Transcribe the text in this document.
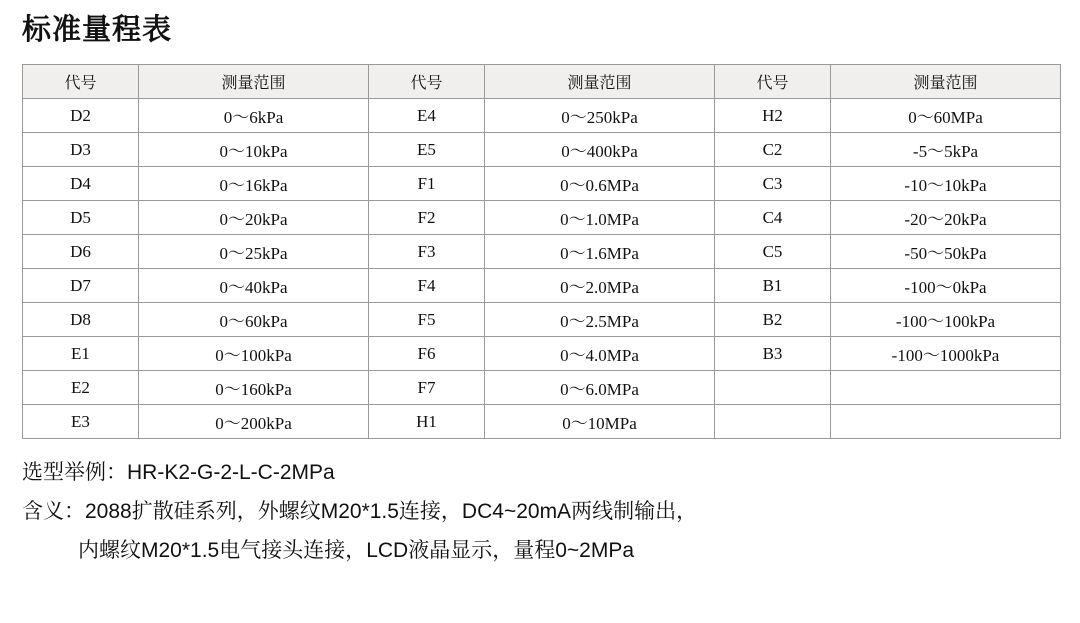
标准量程表
代号	测量范围	代号	测量范围	代号	测量范围
D2	0～6kPa	E4	0～250kPa	H2	0～60MPa
D3	0～10kPa	E5	0～400kPa	C2	-5～5kPa
D4	0～16kPa	F1	0～0.6MPa	C3	-10～10kPa
D5	0～20kPa	F2	0～1.0MPa	C4	-20～20kPa
D6	0～25kPa	F3	0～1.6MPa	C5	-50～50kPa
D7	0～40kPa	F4	0～2.0MPa	B1	-100～0kPa
D8	0～60kPa	F5	0～2.5MPa	B2	-100～100kPa
E1	0～100kPa	F6	0～4.0MPa	B3	-100～1000kPa
E2	0～160kPa	F7	0～6.0MPa		
E3	0～200kPa	H1	0～10MPa		
选型举例：HR-K2-G-2-L-C-2MPa
含义：2088扩散硅系列，外螺纹M20*1.5连接，DC4~20mA两线制输出，
内螺纹M20*1.5电气接头连接，LCD液晶显示，量程0~2MPa
